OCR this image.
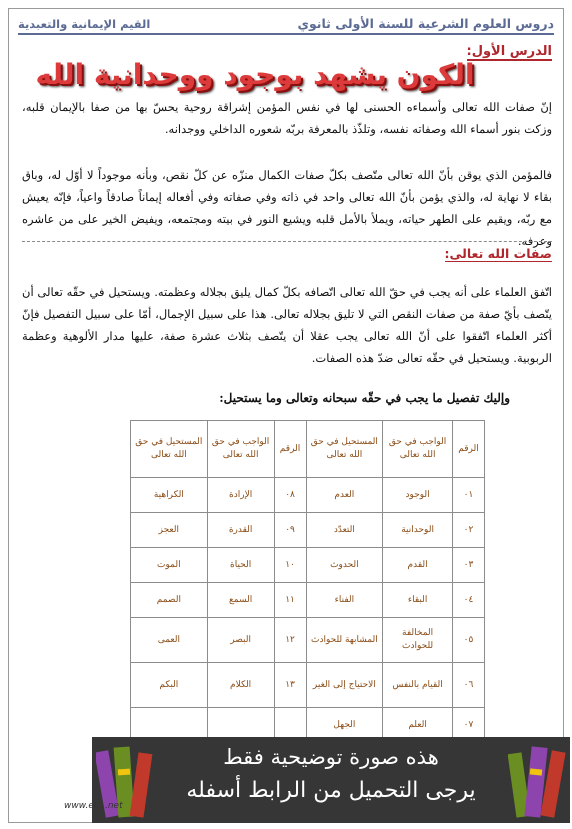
دروس العلوم الشرعية للسنة الأولى ثانوي
القيم الإيمانية والتعبدية
الدرس الأول:
الكون يشهد بوجود ووحدانية الله

إنّ صفات الله تعالى وأسماءه الحسنى لها في نفس المؤمن إشراقة روحية يحسّ بها من صفا بالإيمان قلبه، وزكت بنور أسماء الله وصفاته نفسه، وتلذّذ بالمعرفة بربّه شعوره الداخلي ووجدانه.

فالمؤمن الذي يوقن بأنّ الله تعالى متّصف بكلّ صفات الكمال منزّه عن كلّ نقص، وبأنه موجوداً لا أوّل له، وباق بقاء لا نهاية له، والذي يؤمن بأنّ الله تعالى واحد في ذاته وفي صفاته وفي أفعاله إيماناً صادقاً واعياً، فإنّه يعيش مع ربّه، ويقيم على الطهر حياته، ويملأ بالأمل قلبه ويشيع النور في بيته ومجتمعه، ويفيض الخير على من عاشره وعرفه.

صفات الله تعالى:

اتّفق العلماء على أنه يجب في حقّ الله تعالى اتّصافه بكلّ كمال يليق بجلاله وعظمته. ويستحيل في حقّه تعالى أن يتّصف بأيّ صفة من صفات النقص التي لا تليق بجلاله تعالى. هذا على سبيل الإجمال، أمّا على سبيل التفصيل فإنّ أكثر العلماء اتّفقوا على أنّ الله تعالى يجب عقلا أن يتّصف بثلاث عشرة صفة، عليها مدار الألوهية وعظمة الربوبية. ويستحيل في حقّه تعالى ضدّ هذه الصفات.

وإليك تفصيل ما يجب في حقّه سبحانه وتعالى وما يستحيل:
الرقم	الواجب في حق الله تعالى	المستحيل في حق الله تعالى	الرقم	الواجب في حق الله تعالى	المستحيل في حق الله تعالى
٠١	الوجود	العدم	٠٨	الإرادة	الكراهية
٠٢	الوحدانية	التعدّد	٠٩	القدرة	العجز
٠٣	القدم	الحدوث	١٠	الحياة	الموت
٠٤	البقاء	الفناء	١١	السمع	الصمم
٠٥	المخالفة للحوادث	المشابهة للحوادث	١٢	البصر	العمى
٠٦	القيام بالنفس	الاحتياج إلى الغير	١٣	الكلام	البكم
٠٧	العلم	الجهل			
هذه صورة توضيحية فقط
يرجى التحميل من الرابط أسفله
www.el....net
